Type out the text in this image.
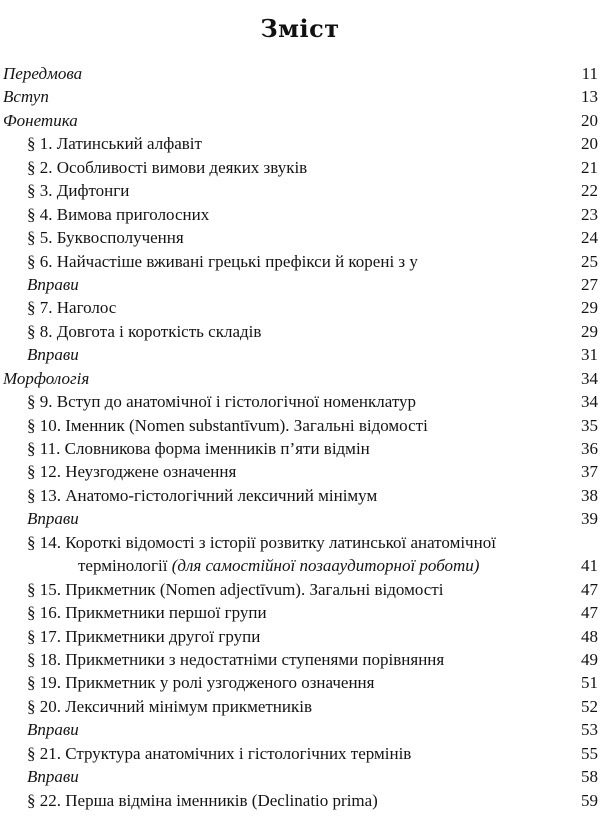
Зміст
Передмова	11
Вступ	13
Фонетика	20
§ 1. Латинський алфавіт	20
§ 2. Особливості вимови деяких звуків	21
§ 3. Дифтонги	22
§ 4. Вимова приголосних	23
§ 5. Буквосполучення	24
§ 6. Найчастіше вживані грецькі префікси й корені з у	25
Вправи	27
§ 7. Наголос	29
§ 8. Довгота і короткість складів	29
Вправи	31
Морфологія	34
§ 9. Вступ до анатомічної і гістологічної номенклатур	34
§ 10. Іменник (Nomen substantīvum). Загальні відомості	35
§ 11. Словникова форма іменників п’яти відмін	36
§ 12. Неузгоджене означення	37
§ 13. Анатомо-гістологічний лексичний мінімум	38
Вправи	39
§ 14. Короткі відомості з історії розвитку латинської анатомічної
термінології (для самостійної позааудиторної роботи)	41
§ 15. Прикметник (Nomen adjectīvum). Загальні відомості	47
§ 16. Прикметники першої групи	47
§ 17. Прикметники другої групи	48
§ 18. Прикметники з недостатніми ступенями порівняння	49
§ 19. Прикметник у ролі узгодженого означення	51
§ 20. Лексичний мінімум прикметників	52
Вправи	53
§ 21. Структура анатомічних і гістологічних термінів	55
Вправи	58
§ 22. Перша відміна іменників (Declinatio prima)	59
